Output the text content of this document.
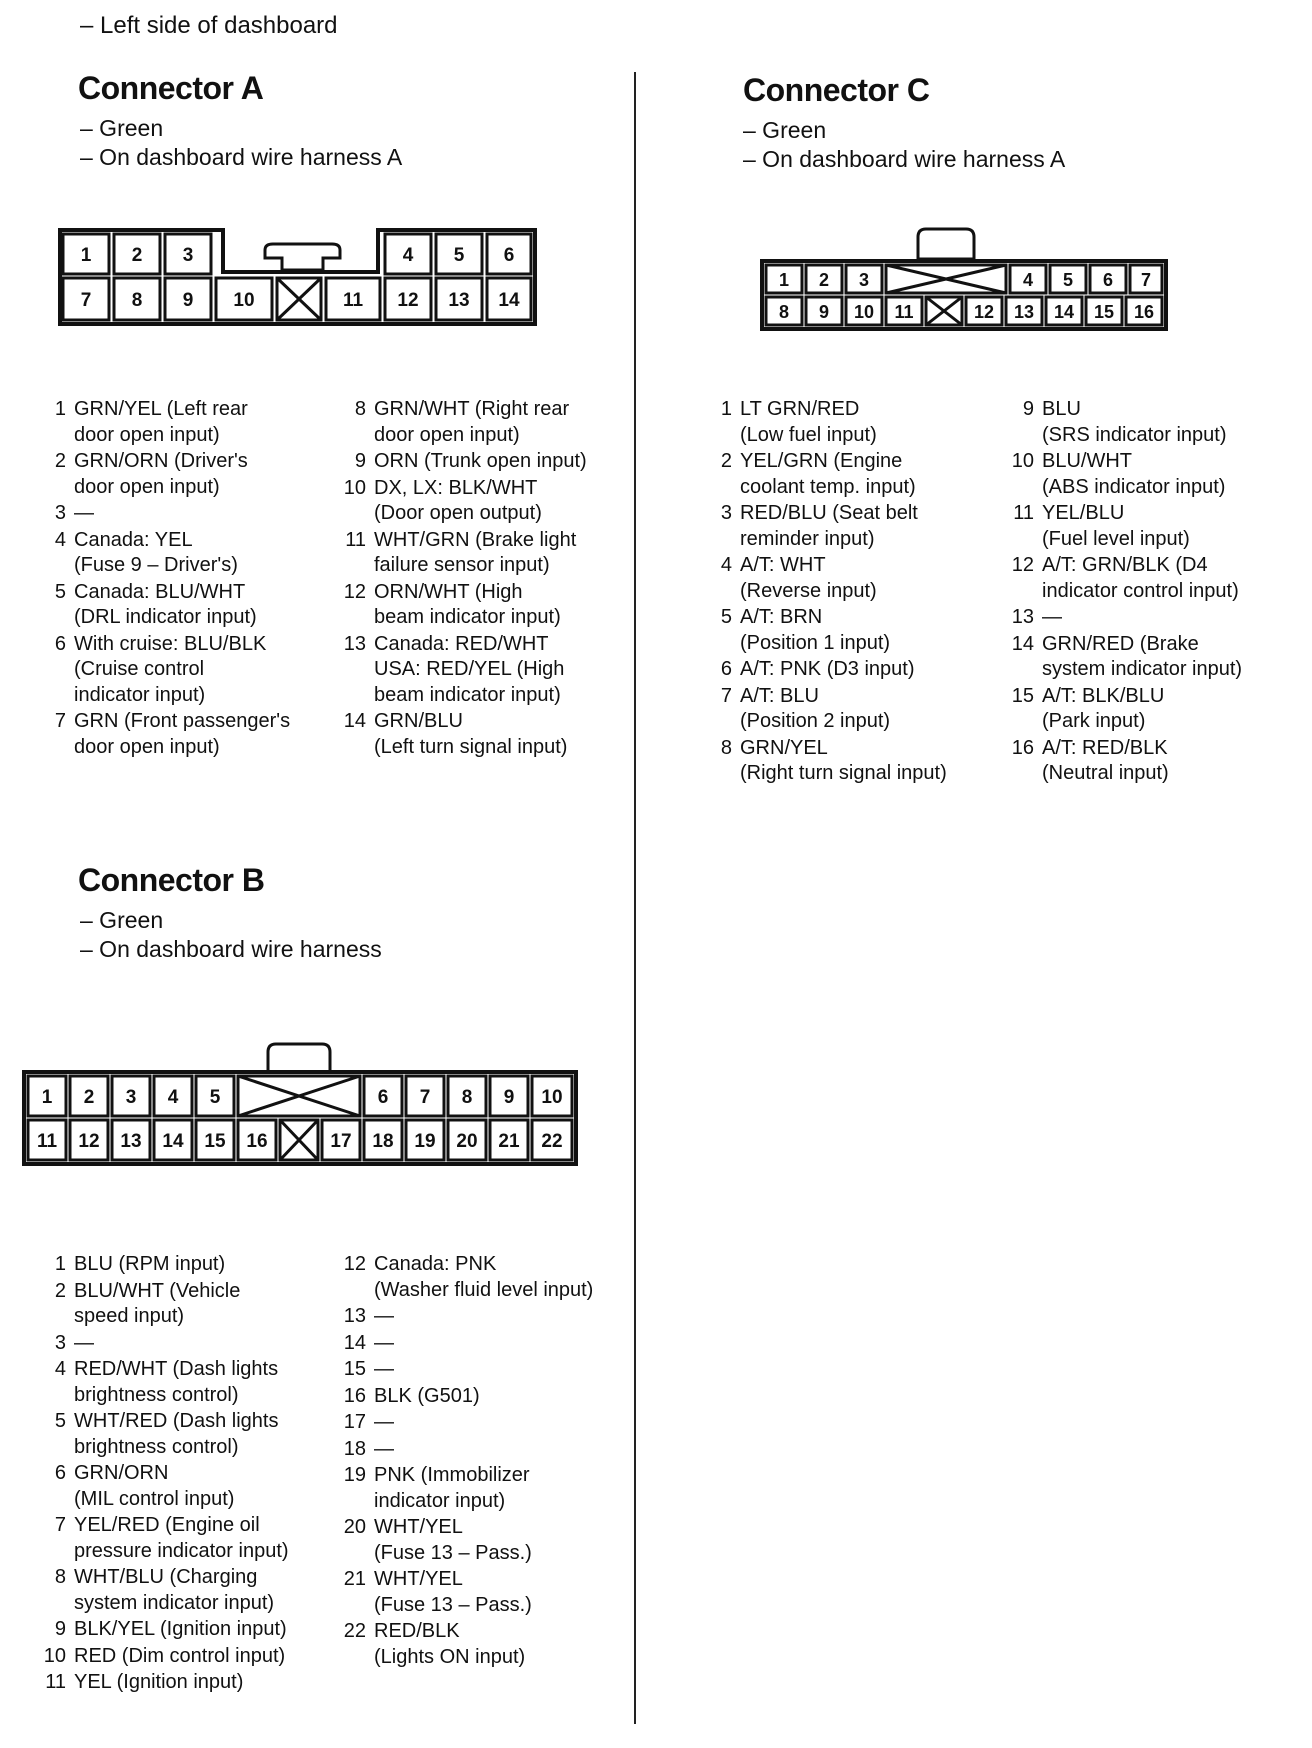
– Left side of dashboard
Connector A
– Green
– On dashboard wire harness A
1 2 3	4 5 6
7 8 9 10	11 12 13 14
1 GRN/YEL (Left rear
door open input)
2 GRN/ORN (Driver's
door open input)
3 —
4 Canada: YEL
(Fuse 9 – Driver's)
5 Canada: BLU/WHT
(DRL indicator input)
6 With cruise: BLU/BLK
(Cruise control
indicator input)
7 GRN (Front passenger's
door open input)
8 GRN/WHT (Right rear
door open input)
9 ORN (Trunk open input)
10 DX, LX: BLK/WHT
(Door open output)
11 WHT/GRN (Brake light
failure sensor input)
12 ORN/WHT (High
beam indicator input)
13 Canada: RED/WHT
USA: RED/YEL (High
beam indicator input)
14 GRN/BLU
(Left turn signal input)
Connector C
– Green
– On dashboard wire harness A
1 2 3	4 5 6 7
8 9 10 11	12 13 14 15 16
1 LT GRN/RED
(Low fuel input)
2 YEL/GRN (Engine
coolant temp. input)
3 RED/BLU (Seat belt
reminder input)
4 A/T: WHT
(Reverse input)
5 A/T: BRN
(Position 1 input)
6 A/T: PNK (D3 input)
7 A/T: BLU
(Position 2 input)
8 GRN/YEL
(Right turn signal input)
9 BLU
(SRS indicator input)
10 BLU/WHT
(ABS indicator input)
11 YEL/BLU
(Fuel level input)
12 A/T: GRN/BLK (D4
indicator control input)
13 —
14 GRN/RED (Brake
system indicator input)
15 A/T: BLK/BLU
(Park input)
16 A/T: RED/BLK
(Neutral input)
Connector B
– Green
– On dashboard wire harness
1 2 3 4 5	6 7 8 9 10
11 12 13 14 15 16	17 18 19 20 21 22
1 BLU (RPM input)
2 BLU/WHT (Vehicle
speed input)
3 —
4 RED/WHT (Dash lights
brightness control)
5 WHT/RED (Dash lights
brightness control)
6 GRN/ORN
(MIL control input)
7 YEL/RED (Engine oil
pressure indicator input)
8 WHT/BLU (Charging
system indicator input)
9 BLK/YEL (Ignition input)
10 RED (Dim control input)
11 YEL (Ignition input)
12 Canada: PNK
(Washer fluid level input)
13 —
14 —
15 —
16 BLK (G501)
17 —
18 —
19 PNK (Immobilizer
indicator input)
20 WHT/YEL
(Fuse 13 – Pass.)
21 WHT/YEL
(Fuse 13 – Pass.)
22 RED/BLK
(Lights ON input)
